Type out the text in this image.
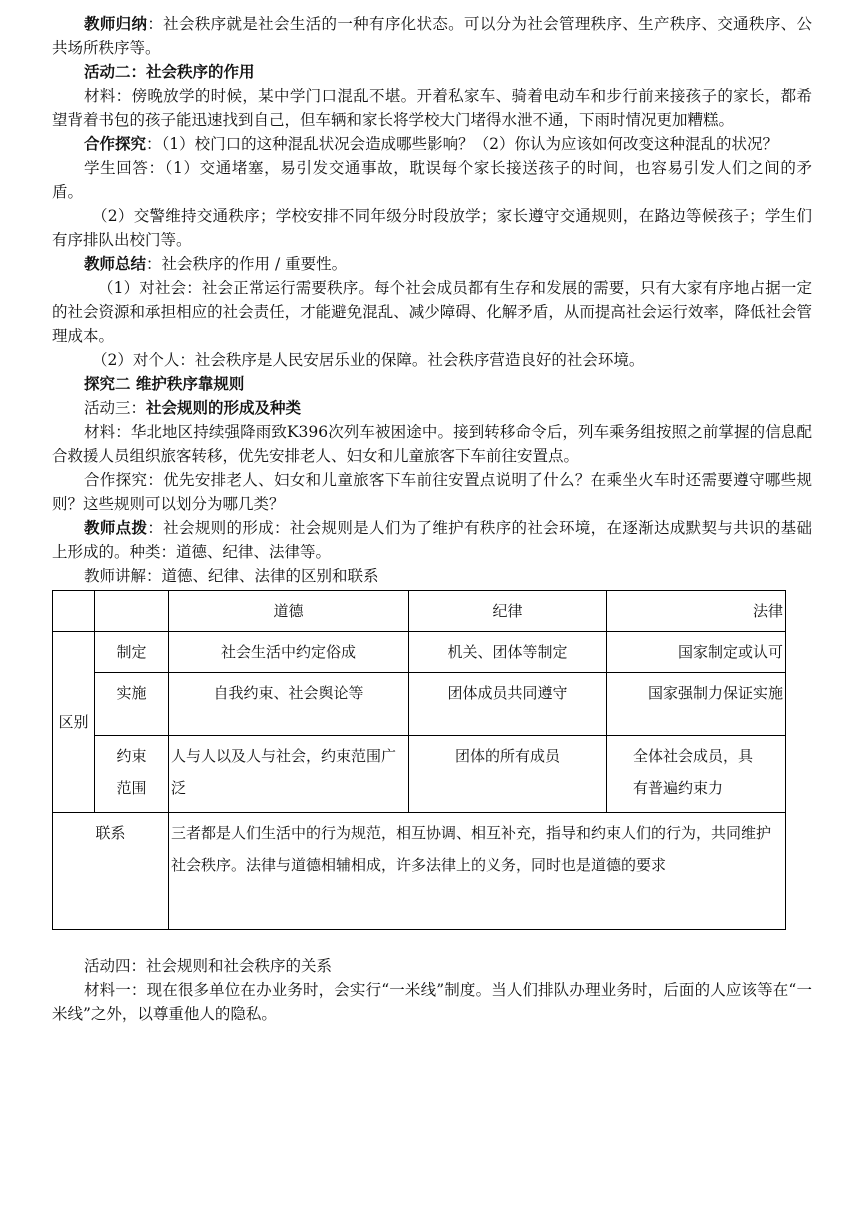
教师归纳：社会秩序就是社会生活的一种有序化状态。可以分为社会管理秩序、生产秩序、交通秩序、公共场所秩序等。

活动二：社会秩序的作用

材料：傍晚放学的时候，某中学门口混乱不堪。开着私家车、骑着电动车和步行前来接孩子的家长，都希望背着书包的孩子能迅速找到自己，但车辆和家长将学校大门堵得水泄不通，下雨时情况更加糟糕。

合作探究：（1）校门口的这种混乱状况会造成哪些影响？（2）你认为应该如何改变这种混乱的状况？

学生回答：（1）交通堵塞，易引发交通事故，耽误每个家长接送孩子的时间，也容易引发人们之间的矛盾。

（2）交警维持交通秩序；学校安排不同年级分时段放学；家长遵守交通规则，在路边等候孩子；学生们有序排队出校门等。

教师总结：社会秩序的作用 / 重要性。

（1）对社会：社会正常运行需要秩序。每个社会成员都有生存和发展的需要，只有大家有序地占据一定的社会资源和承担相应的社会责任，才能避免混乱、减少障碍、化解矛盾，从而提高社会运行效率，降低社会管理成本。

（2）对个人：社会秩序是人民安居乐业的保障。社会秩序营造良好的社会环境。

探究二 维护秩序靠规则

活动三：社会规则的形成及种类

材料：华北地区持续强降雨致K396次列车被困途中。接到转移命令后，列车乘务组按照之前掌握的信息配合救援人员组织旅客转移，优先安排老人、妇女和儿童旅客下车前往安置点。

合作探究：优先安排老人、妇女和儿童旅客下车前往安置点说明了什么？在乘坐火车时还需要遵守哪些规则？这些规则可以划分为哪几类？

教师点拨：社会规则的形成：社会规则是人们为了维护有秩序的社会环境，在逐渐达成默契与共识的基础上形成的。种类：道德、纪律、法律等。

教师讲解：道德、纪律、法律的区别和联系

		道德	纪律	法律
区别	制定	社会生活中约定俗成	机关、团体等制定	国家制定或认可
	实施	自我约束、社会舆论等	团体成员共同遵守	国家强制力保证实施
	约束范围	人与人以及人与社会，约束范围广泛	团体的所有成员	全体社会成员，具有普遍约束力
联系		三者都是人们生活中的行为规范，相互协调、相互补充，指导和约束人们的行为，共同维护社会秩序。法律与道德相辅相成，许多法律上的义务，同时也是道德的要求		

活动四：社会规则和社会秩序的关系

材料一：现在很多单位在办业务时，会实行“一米线”制度。当人们排队办理业务时，后面的人应该等在“一米线”之外，以尊重他人的隐私。
